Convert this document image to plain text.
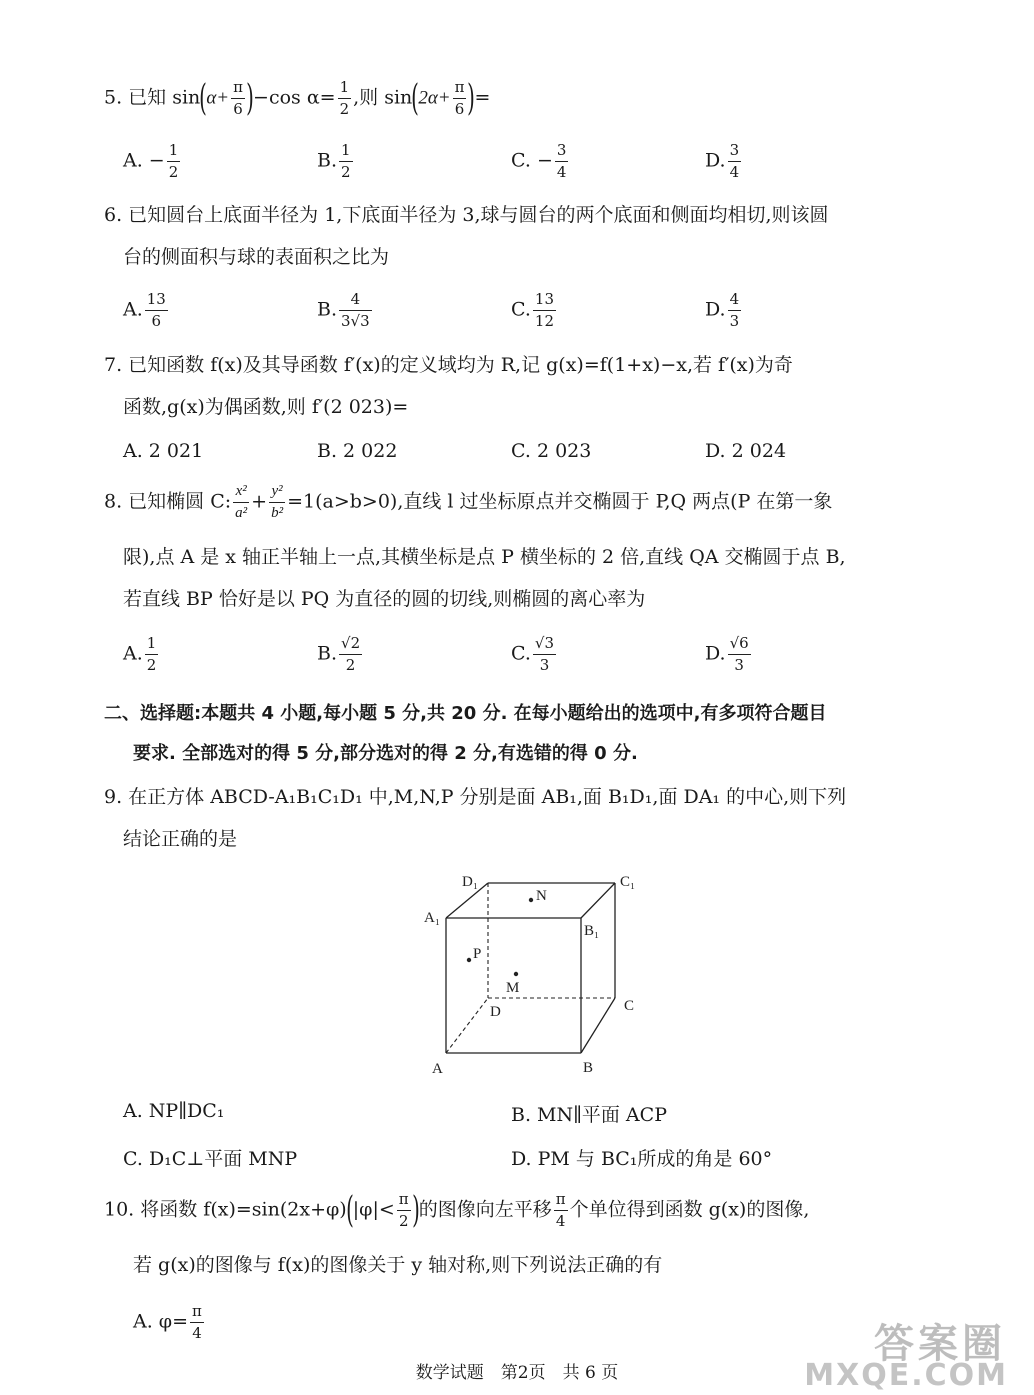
5. 已知 $\sin(\alpha+ \frac{\pi}{6} )-\cos$ $\alpha= \frac{1}{2}$ ,则 $\sin(2\alpha+ \frac{\pi}{6}$ )=
A. − $\frac{1}{2}$	B. $\frac{1}{2}$	C. − $\frac{3}{4}$	D. $\frac{3}{4}$
6. 已知圆台上底面半径为 1,下底面半径为 3,球与圆台的两个底面和侧面均相切,则该圆
台的侧面积与球的表面积之比为
A. $\frac{13}{6}$	B. $\frac{4}{3√3}$	C. $\frac{13}{12}$	D. $\frac{4}{3}$
7. 已知函数 f(x)及其导函数 f′(x)的定义域均为 R,记 g(x)=f(1+x)−x,若 f′(x)为奇
函数,g(x)为偶函数,则 f′(2 023)=
A. 2 021	B. 2 022	C. 2 023	D. 2 024
8. 已知椭圆 C: $\frac{\text{x²}}{\text{a²}} + \frac{\text{y²}}{\text{b²}} =1(a>b>0)$,直线 l 过坐标原点并交椭圆于 P,Q 两点(P 在第一象
限),点 A 是 x 轴正半轴上一点,其横坐标是点 P 横坐标的 2 倍,直线 QA 交椭圆于点 B,
若直线 BP 恰好是以 PQ 为直径的圆的切线,则椭圆的离心率为
A. $\frac{1}{2}$	B. $\frac{√2}{2}$	C. $\frac{√3}{3}$	D. $\frac{√6}{3}$
二、选择题:本题共 4 小题,每小题 5 分,共 20 分. 在每小题给出的选项中,有多项符合题目
要求. 全部选对的得 5 分,部分选对的得 2 分,有选错的得 0 分.
9. 在正方体 ABCD-A₁B₁C₁D₁ 中,M,N,P 分别是面 AB₁,面 B₁D₁,面 DA₁ 的中心,则下列
结论正确的是
D₁	C₁
A₁
B₁
N
P
M
D	C
A	B
A. NP∥DC₁	B. MN∥平面 ACP
C. D₁C⊥平面 MNP	D. PM 与 BC₁所成的角是 60°
10. 将函数 $f(x)=\sin(2x+\varphi)(|\varphi|< \frac{\pi}{2}$ )的图像向左平移 $\frac{\pi}{4}$ 个单位得到函数 g(x)的图像,
若 g(x)的图像与 f(x)的图像关于 y 轴对称,则下列说法正确的有
A. $\varphi= \frac{\pi}{4}$
数学试题　第2页　共 6 页
答案圈
MXQE.COM
